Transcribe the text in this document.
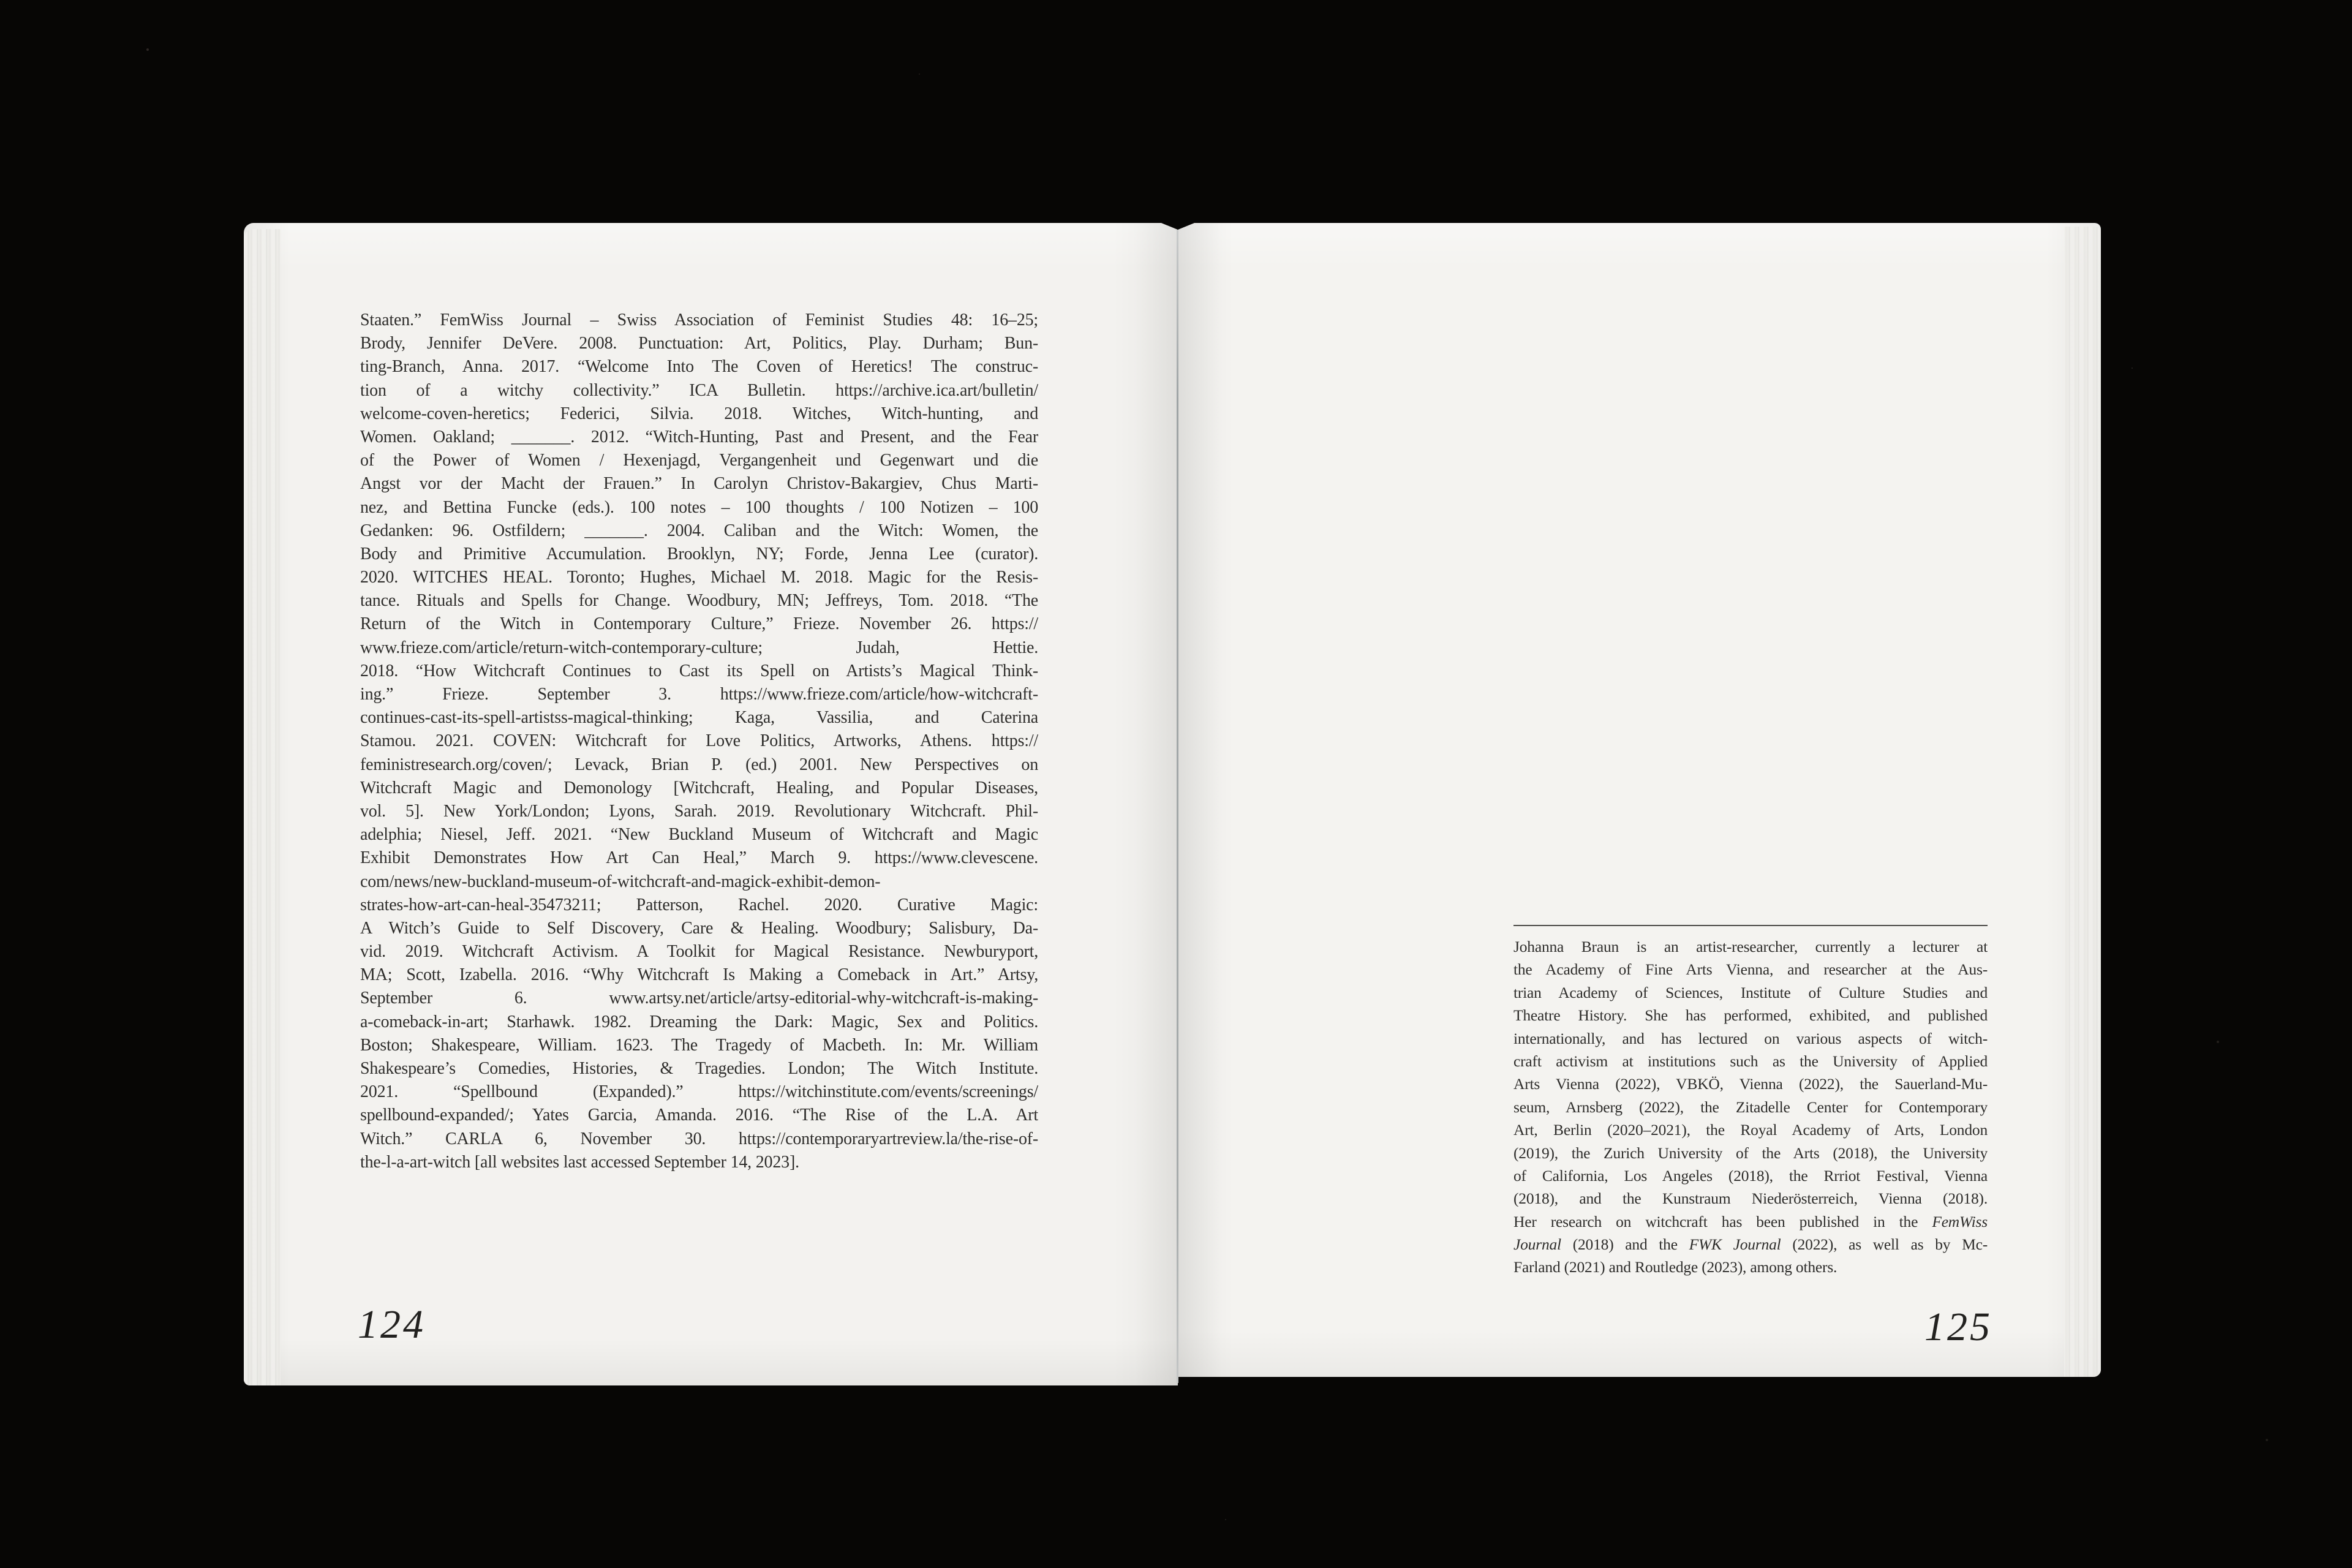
Staaten.” FemWiss Journal – Swiss Association of Feminist Studies 48: 16–25;
Brody, Jennifer DeVere. 2008. Punctuation: Art, Politics, Play. Durham; Bun-
ting-Branch, Anna. 2017. “Welcome Into The Coven of Heretics! The construc-
tion of a witchy collectivity.” ICA Bulletin. https://archive.ica.art/bulletin/
welcome-coven-heretics; Federici, Silvia. 2018. Witches, Witch-hunting, and
Women. Oakland; _______. 2012. “Witch-Hunting, Past and Present, and the Fear
of the Power of Women / Hexenjagd, Vergangenheit und Gegenwart und die
Angst vor der Macht der Frauen.” In Carolyn Christov-Bakargiev, Chus Marti-
nez, and Bettina Funcke (eds.). 100 notes – 100 thoughts / 100 Notizen – 100
Gedanken: 96. Ostfildern; _______. 2004. Caliban and the Witch: Women, the
Body and Primitive Accumulation. Brooklyn, NY; Forde, Jenna Lee (curator).
2020. WITCHES HEAL. Toronto; Hughes, Michael M. 2018. Magic for the Resis-
tance. Rituals and Spells for Change. Woodbury, MN; Jeffreys, Tom. 2018. “The
Return of the Witch in Contemporary Culture,” Frieze. November 26. https://
www.frieze.com/article/return-witch-contemporary-culture; Judah, Hettie.
2018. “How Witchcraft Continues to Cast its Spell on Artists’s Magical Think-
ing.” Frieze. September 3. https://www.frieze.com/article/how-witchcraft-
continues-cast-its-spell-artistss-magical-thinking; Kaga, Vassilia, and Caterina
Stamou. 2021. COVEN: Witchcraft for Love Politics, Artworks, Athens. https://
feministresearch.org/coven/; Levack, Brian P. (ed.) 2001. New Perspectives on
Witchcraft Magic and Demonology [Witchcraft, Healing, and Popular Diseases,
vol. 5]. New York/London; Lyons, Sarah. 2019. Revolutionary Witchcraft. Phil-
adelphia; Niesel, Jeff. 2021. “New Buckland Museum of Witchcraft and Magic
Exhibit Demonstrates How Art Can Heal,” March 9. https://www.clevescene.
com/news/new-buckland-museum-of-witchcraft-and-magick-exhibit-demon-
strates-how-art-can-heal-35473211; Patterson, Rachel. 2020. Curative Magic:
A Witch’s Guide to Self Discovery, Care & Healing. Woodbury; Salisbury, Da-
vid. 2019. Witchcraft Activism. A Toolkit for Magical Resistance. Newburyport,
MA; Scott, Izabella. 2016. “Why Witchcraft Is Making a Comeback in Art.” Artsy,
September 6. www.artsy.net/article/artsy-editorial-why-witchcraft-is-making-
a-comeback-in-art; Starhawk. 1982. Dreaming the Dark: Magic, Sex and Politics.
Boston; Shakespeare, William. 1623. The Tragedy of Macbeth. In: Mr. William
Shakespeare’s Comedies, Histories, & Tragedies. London; The Witch Institute.
2021. “Spellbound (Expanded).” https://witchinstitute.com/events/screenings/
spellbound-expanded/; Yates Garcia, Amanda. 2016. “The Rise of the L.A. Art
Witch.” CARLA 6, November 30. https://contemporaryartreview.la/the-rise-of-
the-l-a-art-witch [all websites last accessed September 14, 2023].
124
Johanna Braun is an artist-researcher, currently a lecturer at
the Academy of Fine Arts Vienna, and researcher at the Aus-
trian Academy of Sciences, Institute of Culture Studies and
Theatre History. She has performed, exhibited, and published
internationally, and has lectured on various aspects of witch-
craft activism at institutions such as the University of Applied
Arts Vienna (2022), VBKÖ, Vienna (2022), the Sauerland-Mu-
seum, Arnsberg (2022), the Zitadelle Center for Contemporary
Art, Berlin (2020–2021), the Royal Academy of Arts, London
(2019), the Zurich University of the Arts (2018), the University
of California, Los Angeles (2018), the Rrriot Festival, Vienna
(2018), and the Kunstraum Niederösterreich, Vienna (2018).
Her research on witchcraft has been published in the FemWiss
Journal (2018) and the FWK Journal (2022), as well as by Mc-
Farland (2021) and Routledge (2023), among others.
125
